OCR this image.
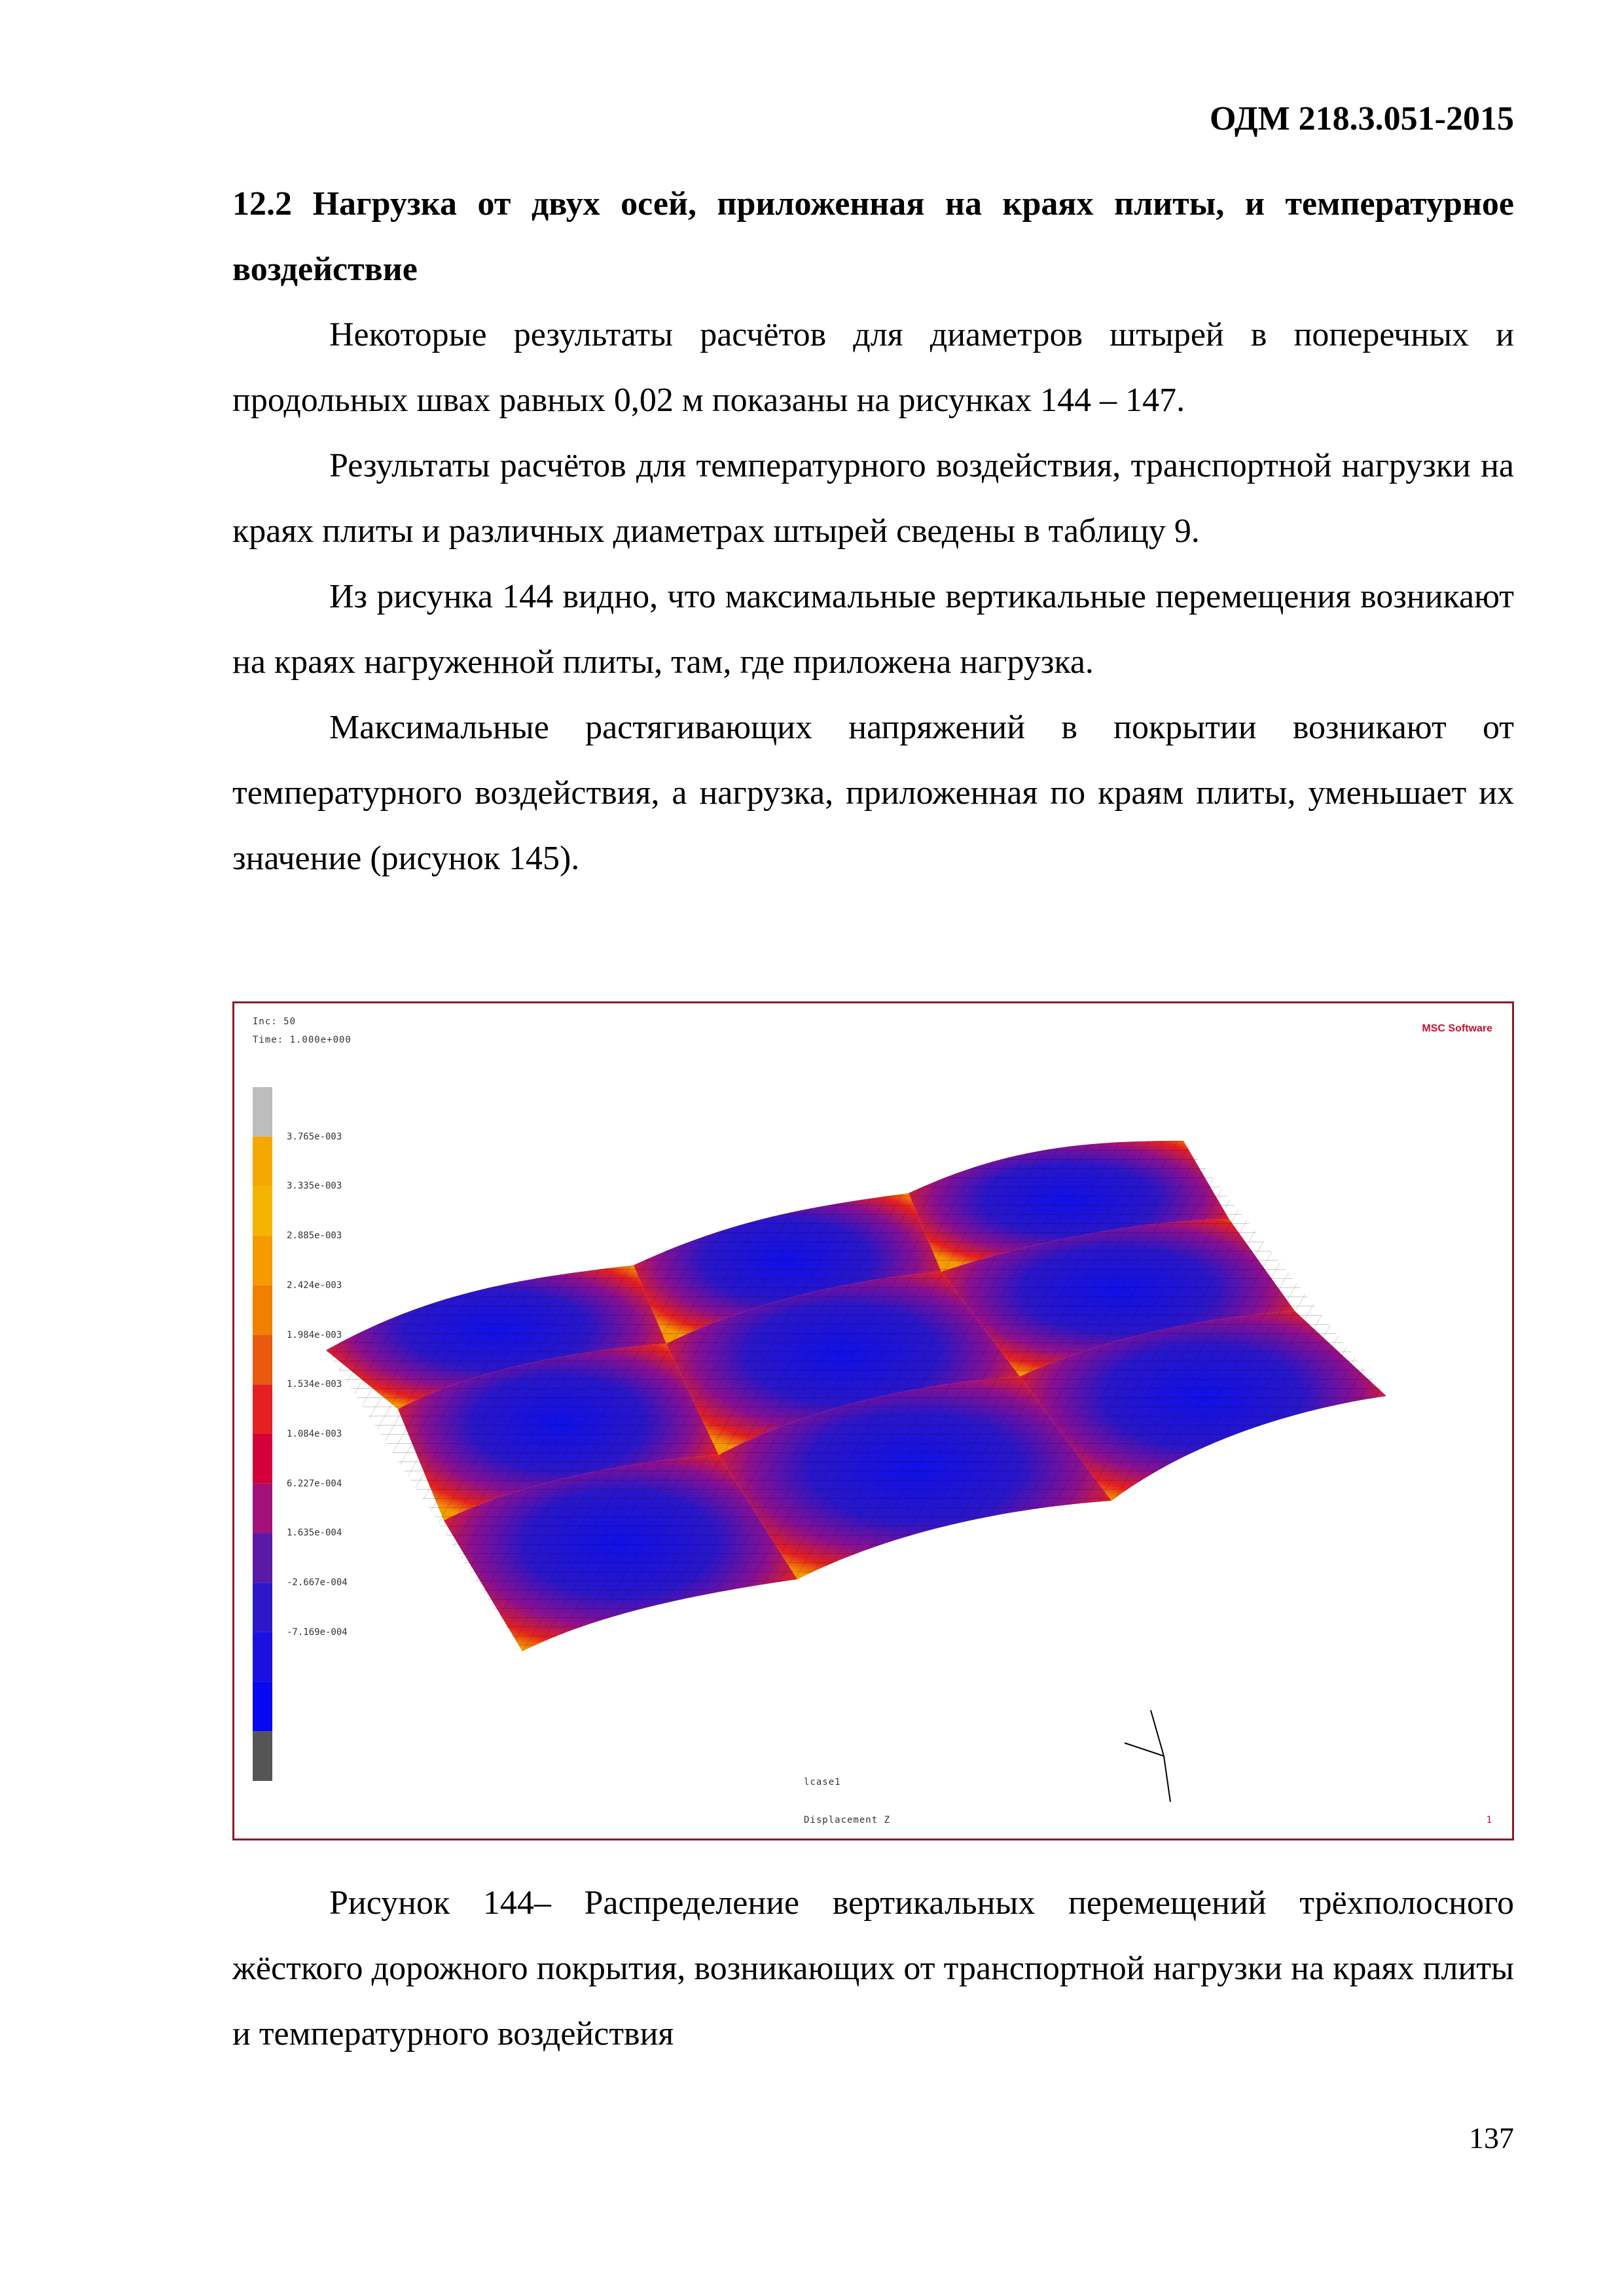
ОДМ 218.3.051-2015
12.2 Нагрузка от двух осей, приложенная на краях плиты, и температурное воздействие

Некоторые результаты расчётов для диаметров штырей в поперечных и продольных швах равных 0,02 м показаны на рисунках 144 – 147.

Результаты расчётов для температурного воздействия, транспортной нагрузки на краях плиты и различных диаметрах штырей сведены в таблицу 9.

Из рисунка 144 видно, что максимальные вертикальные перемещения возникают на краях нагруженной плиты, там, где приложена нагрузка.

Максимальные растягивающих напряжений в покрытии возникают от температурного воздействия, а нагрузка, приложенная по краям плиты, уменьшает их значение (рисунок 145).

Inc: 50
Time: 1.000e+000
MSC Software
3.765e-003
3.335e-003
2.885e-003
2.424e-003
1.984e-003
1.534e-003
1.084e-003
6.227e-004
1.635e-004
-2.667e-004
-7.169e-004
lcase1
Displacement Z	1

Рисунок 144– Распределение вертикальных перемещений трёхполосного жёсткого дорожного покрытия, возникающих от транспортной нагрузки на краях плиты и температурного воздействия

137
